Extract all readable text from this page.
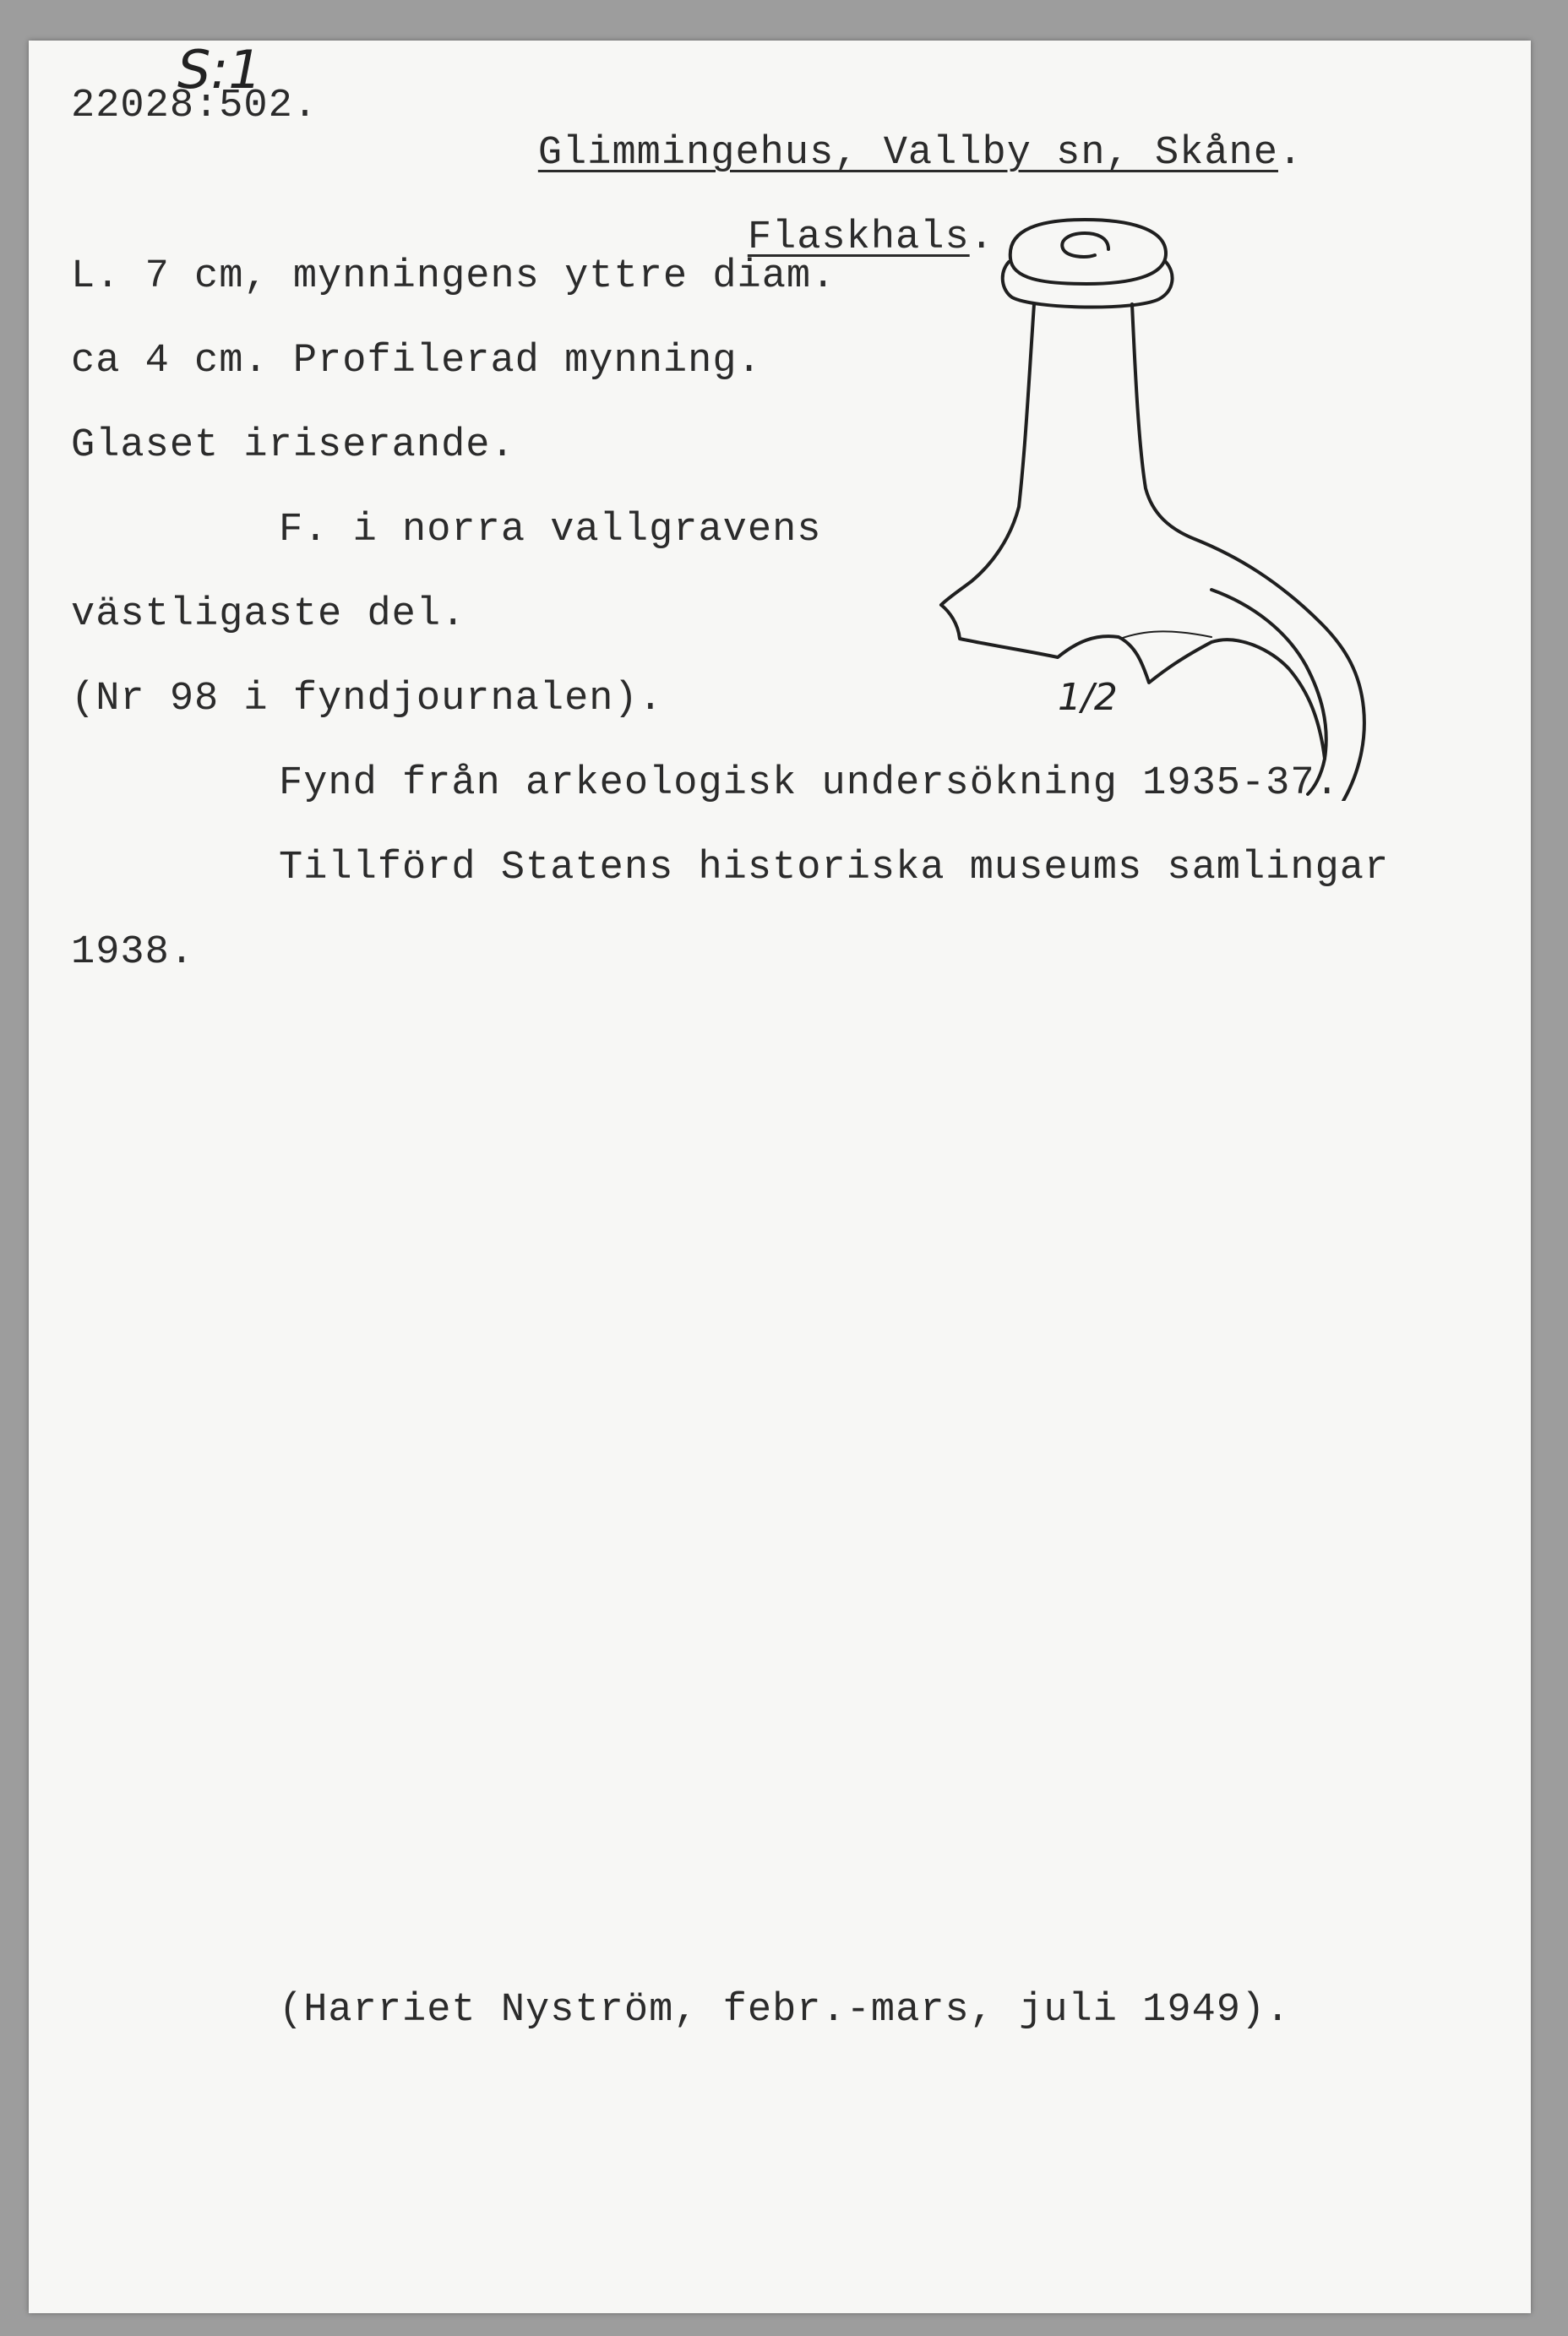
S:1
22028:502.

Glimmingehus, Vallby sn, Skåne.

Flaskhals.

L. 7 cm, mynningens yttre diam.
ca 4 cm. Profilerad mynning.
Glaset iriserande.
F. i norra vallgravens
västligaste del.
(Nr 98 i fyndjournalen).	1/2
Fynd från arkeologisk undersökning 1935-37.
Tillförd Statens historiska museums samlingar
1938.
(Harriet Nyström, febr.-mars, juli 1949).
